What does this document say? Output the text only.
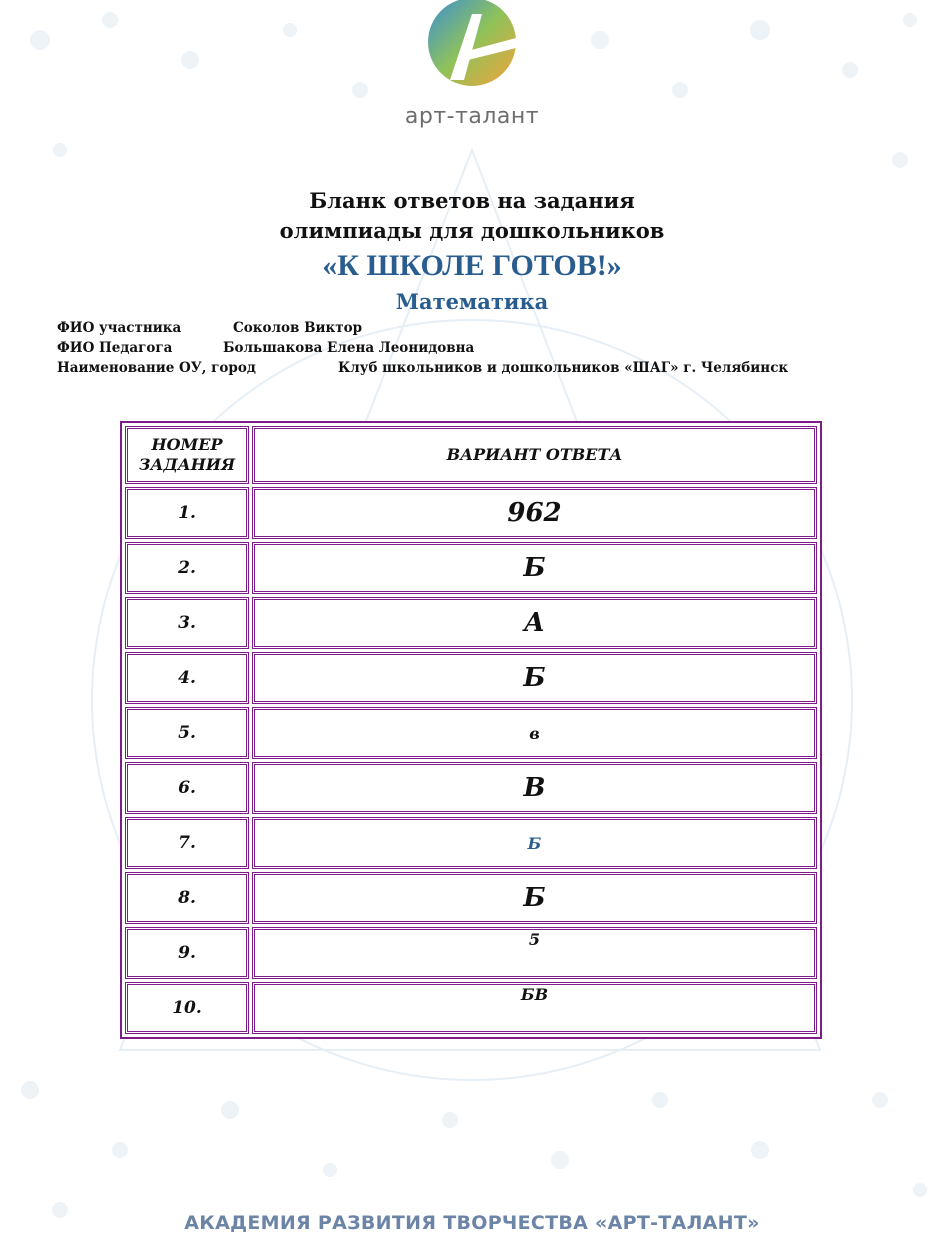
арт-талант
Бланк ответов на задания
олимпиады для дошкольников
«К ШКОЛЕ ГОТОВ!»
Математика
ФИО участника	Соколов Виктор
ФИО Педагога	Большакова Елена Леонидовна
Наименование ОУ, город	Клуб школьников и дошкольников «ШАГ» г. Челябинск
НОМЕР ЗАДАНИЯ	ВАРИАНТ ОТВЕТА
1.	962
2.	Б
3.	А
4.	Б
5.	в
6.	В
7.	Б
8.	Б
9.	5
10.	БВ
АКАДЕМИЯ РАЗВИТИЯ ТВОРЧЕСТВА «АРТ-ТАЛАНТ»
